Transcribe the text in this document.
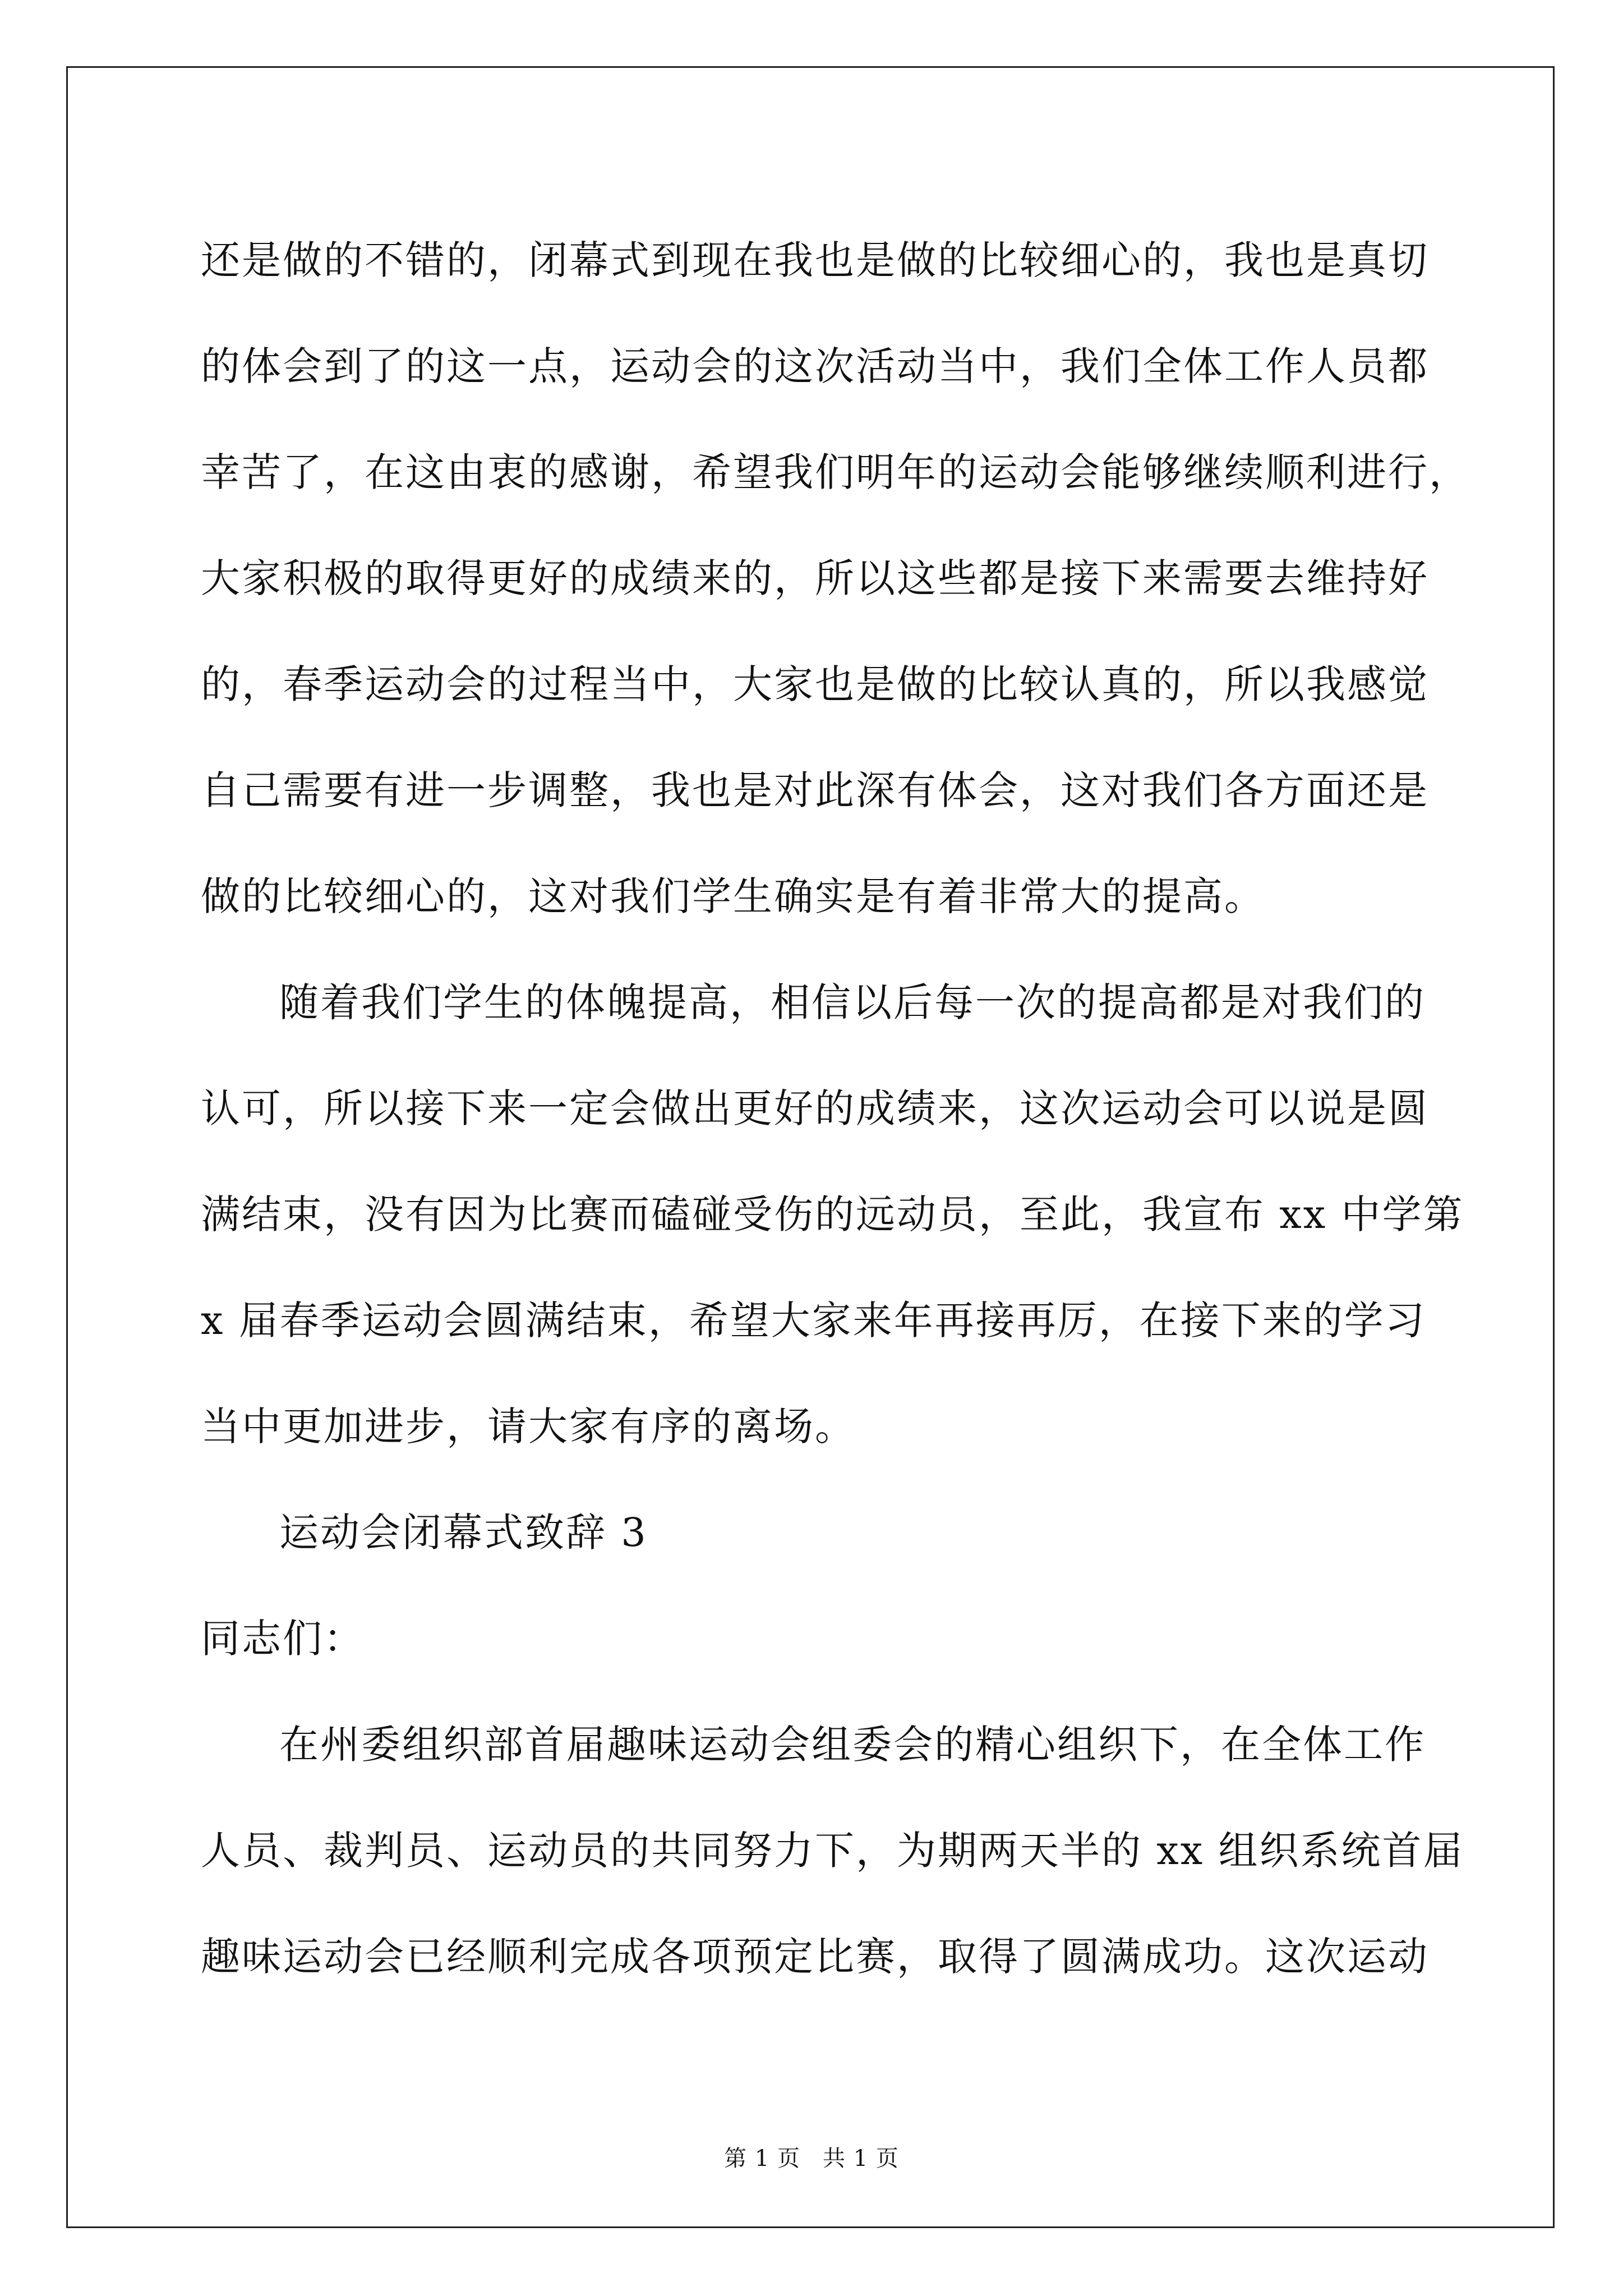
还是做的不错的，闭幕式到现在我也是做的比较细心的，我也是真切
的体会到了的这一点，运动会的这次活动当中，我们全体工作人员都
幸苦了，在这由衷的感谢，希望我们明年的运动会能够继续顺利进行，
大家积极的取得更好的成绩来的，所以这些都是接下来需要去维持好
的，春季运动会的过程当中，大家也是做的比较认真的，所以我感觉
自己需要有进一步调整，我也是对此深有体会，这对我们各方面还是
做的比较细心的，这对我们学生确实是有着非常大的提高。
随着我们学生的体魄提高，相信以后每一次的提高都是对我们的
认可，所以接下来一定会做出更好的成绩来，这次运动会可以说是圆
满结束，没有因为比赛而磕碰受伤的远动员，至此，我宣布 xx 中学第
x 届春季运动会圆满结束，希望大家来年再接再厉，在接下来的学习
当中更加进步，请大家有序的离场。
运动会闭幕式致辞 3
同志们：
在州委组织部首届趣味运动会组委会的精心组织下，在全体工作
人员、裁判员、运动员的共同努力下，为期两天半的 xx 组织系统首届
趣味运动会已经顺利完成各项预定比赛，取得了圆满成功。这次运动
第 1 页 共 1 页
